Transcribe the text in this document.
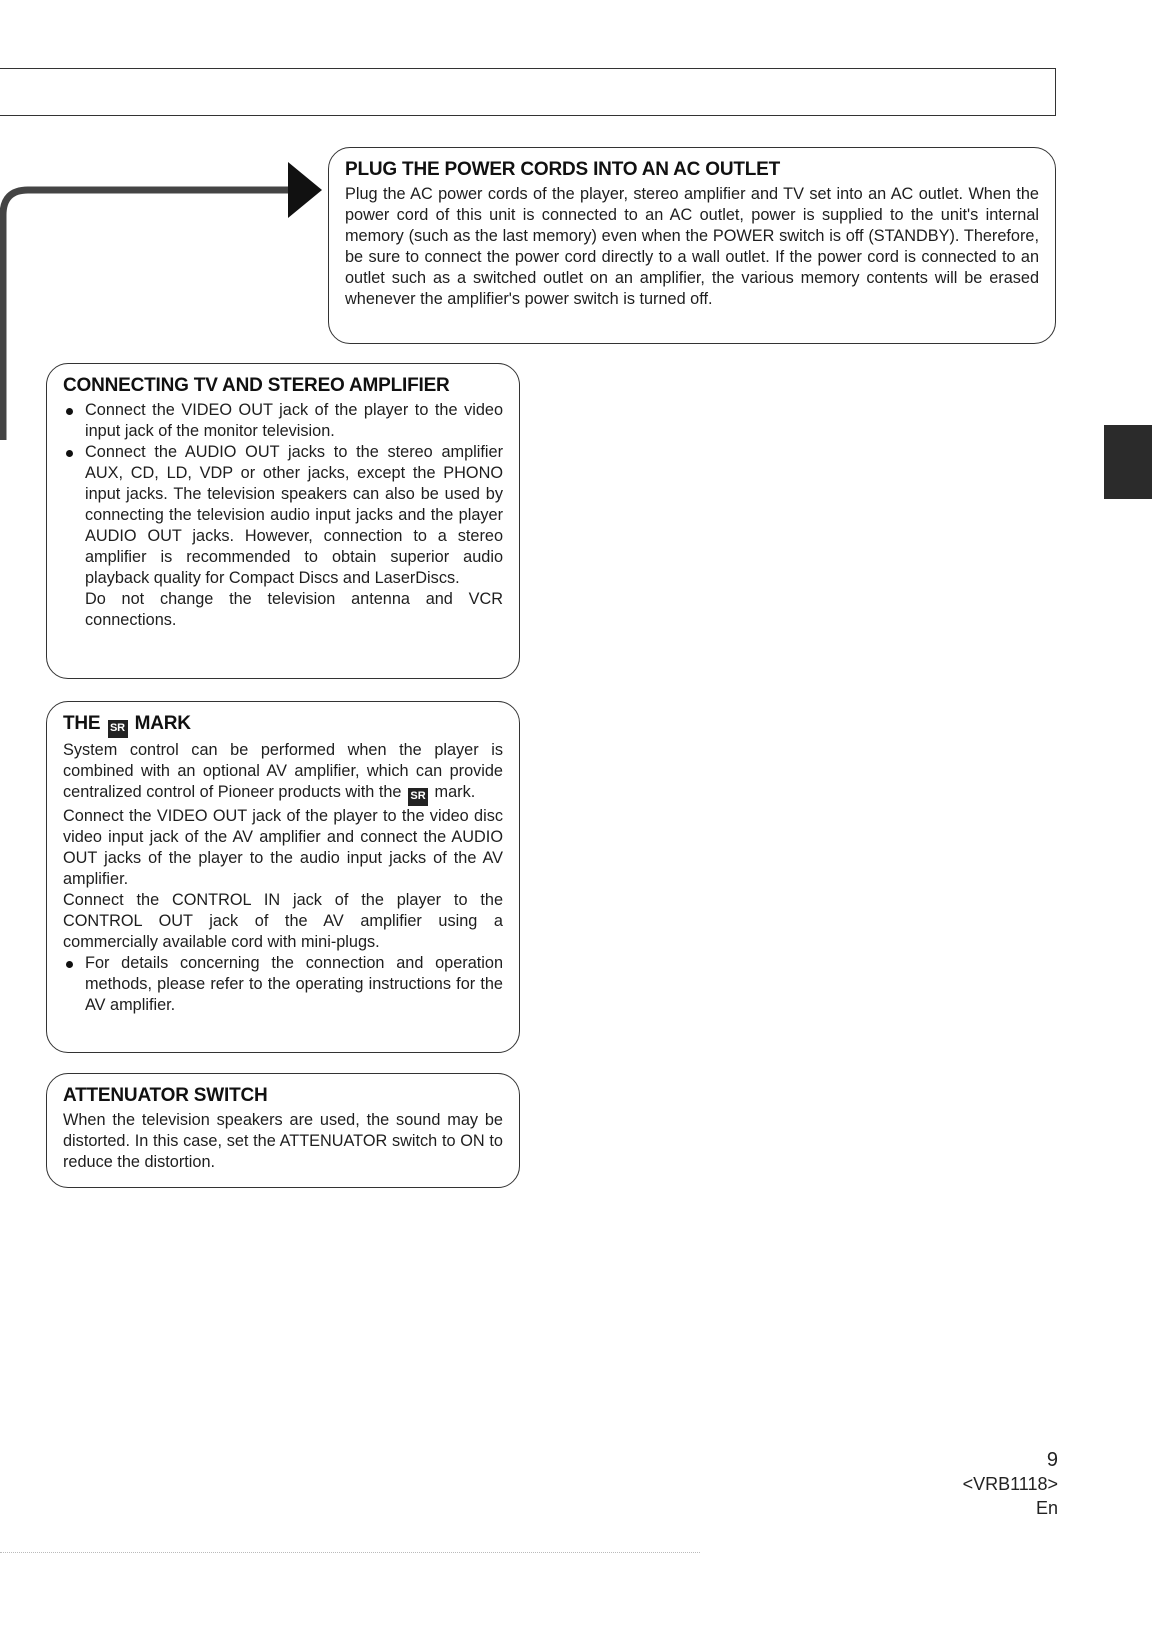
PLUG THE POWER CORDS INTO AN AC OUTLET

Plug the AC power cords of the player, stereo amplifier and TV set into an AC outlet. When the power cord of this unit is connected to an AC outlet, power is supplied to the unit's internal memory (such as the last memory) even when the POWER switch is off (STANDBY). Therefore, be sure to connect the power cord directly to a wall outlet. If the power cord is connected to an outlet such as a switched outlet on an amplifier, the various memory contents will be erased whenever the amplifier's power switch is turned off.

CONNECTING TV AND STEREO AMPLIFIER
Connect the VIDEO OUT jack of the player to the video input jack of the monitor television.
Connect the AUDIO OUT jacks to the stereo amplifier AUX, CD, LD, VDP or other jacks, except the PHONO input jacks. The television speakers can also be used by connecting the television audio input jacks and the player AUDIO OUT jacks. However, connection to a stereo amplifier is recommended to obtain superior audio playback quality for Compact Discs and LaserDiscs.

Do not change the television antenna and VCR connections.

THE SR MARK

System control can be performed when the player is combined with an optional AV amplifier, which can provide centralized control of Pioneer products with the SR mark.

Connect the VIDEO OUT jack of the player to the video disc video input jack of the AV amplifier and connect the AUDIO OUT jacks of the player to the audio input jacks of the AV amplifier.

Connect the CONTROL IN jack of the player to the CONTROL OUT jack of the AV amplifier using a commercially available cord with mini-plugs.

For details concerning the connection and operation methods, please refer to the operating instructions for the AV amplifier.
ATTENUATOR SWITCH

When the television speakers are used, the sound may be distorted. In this case, set the ATTENUATOR switch to ON to reduce the distortion.

9
<VRB1118>
En
